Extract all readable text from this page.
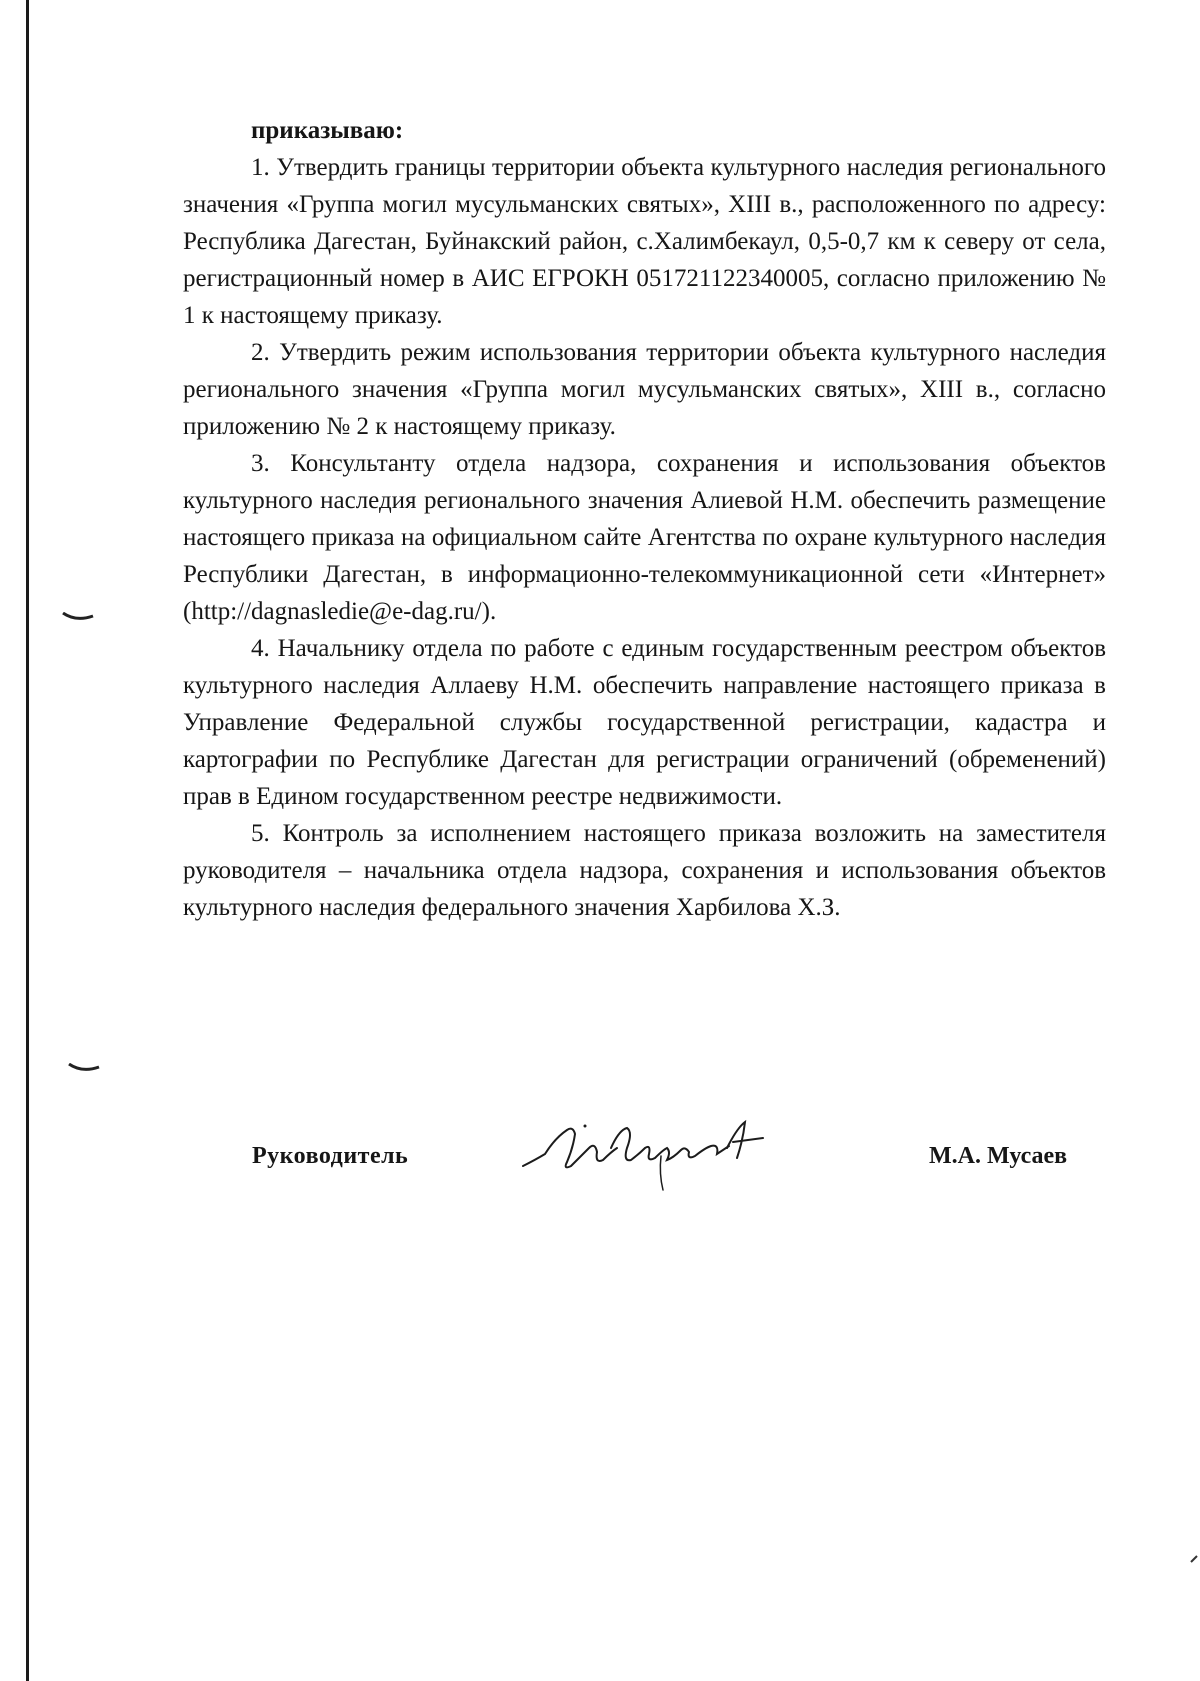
приказываю:

1. Утвердить границы территории объекта культурного наследия регионального значения «Группа могил мусульманских святых», XIII в., расположенного по адресу: Республика Дагестан, Буйнакский район, с.Халимбекаул, 0,5-0,7 км к северу от села, регистрационный номер в АИС ЕГРОКН 051721122340005, согласно приложению № 1 к настоящему приказу.

2. Утвердить режим использования территории объекта культурного наследия регионального значения «Группа могил мусульманских святых», XIII в., согласно приложению № 2 к настоящему приказу.

3. Консультанту отдела надзора, сохранения и использования объектов культурного наследия регионального значения Алиевой Н.М. обеспечить размещение настоящего приказа на официальном сайте Агентства по охране культурного наследия Республики Дагестан, в информационно-телекоммуникационной сети «Интернет» (http://dagnasledie@e-dag.ru/).

4. Начальнику отдела по работе с единым государственным реестром объектов культурного наследия Аллаеву Н.М. обеспечить направление настоящего приказа в Управление Федеральной службы государственной регистрации, кадастра и картографии по Республике Дагестан для регистрации ограничений (обременений) прав в Едином государственном реестре недвижимости.

5. Контроль за исполнением настоящего приказа возложить на заместителя руководителя – начальника отдела надзора, сохранения и использования объектов культурного наследия федерального значения Харбилова Х.З.

Руководитель	М.А. Мусаев
